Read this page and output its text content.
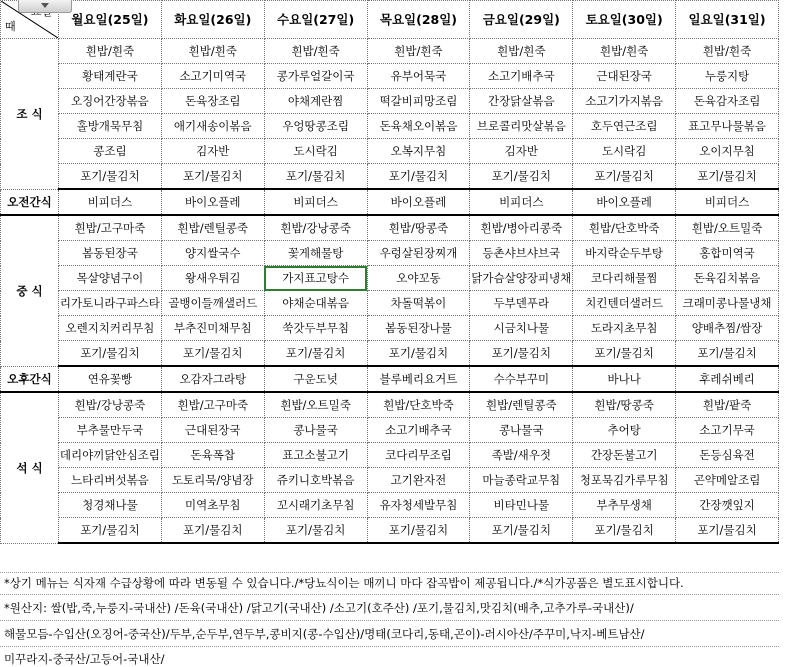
때	월요일(25일)	화요일(26일)	수요일(27일)	목요일(28일)	금요일(29일)	토요일(30일)	일요일(31일)
조 식	흰밥/흰죽	흰밥/흰죽	흰밥/흰죽	흰밥/흰죽	흰밥/흰죽	흰밥/흰죽	흰밥/흰죽
	황태계란국	소고기미역국	콩가루얼갈이국	유부어묵국	소고기배추국	근대된장국	누룽지탕
	오징어간장볶음	돈육장조림	야채계란찜	떡갈비피망조림	간장닭살볶음	소고기가지볶음	돈육감자조림
	홀방개묵무침	애기새송이볶음	우엉땅콩조림	돈육채오이볶음	브로콜리맛살볶음	호두연근조림	표고무나물볶음
	콩조림	김자반	도시락김	오복지무침	김자반	도시락김	오이지무침
	포기/물김치	포기/물김치	포기/물김치	포기/물김치	포기/물김치	포기/물김치	포기/물김치
오전간식	비피더스	바이오플레	비피더스	바이오플레	비피더스	바이오플레	비피더스
중 식	흰밥/고구마죽	흰밥/렌틸콩죽	흰밥/강낭콩죽	흰밥/땅콩죽	흰밥/병아리콩죽	흰밥/단호박죽	흰밥/오트밀죽
	봄동된장국	양지쌀국수	꽃게해물탕	우렁살된장찌개	등촌샤브샤브국	바지락순두부탕	홍합미역국
	목살양념구이	왕새우튀김	가지표고탕수	오야꼬동	닭가슴살양장피냉채	코다리해물찜	돈육김치볶음
	리가토니라구파스타	골뱅이들깨샐러드	야채순대볶음	차돌떡볶이	두부덴푸라	치킨텐더샐러드	크래미콩나물냉채
	오렌지치커리무침	부추진미채무침	쑥갓두부무침	봄동된장나물	시금치나물	도라지초무침	양배추찜/쌈장
	포기/물김치	포기/물김치	포기/물김치	포기/물김치	포기/물김치	포기/물김치	포기/물김치
오후간식	연유꽃빵	오감자그라탕	구운도넛	블루베리요거트	수수부꾸미	바나나	후레쉬베리
석 식	흰밥/강낭콩죽	흰밥/고구마죽	흰밥/오트밀죽	흰밥/단호박죽	흰밥/렌틸콩죽	흰밥/땅콩죽	흰밥/팥죽
	부추물만두국	근대된장국	콩나물국	소고기배추국	콩나물국	추어탕	소고기무국
	데리야끼닭안심조림	돈육폭찹	표고소불고기	코다리무조림	족발/새우젓	간장돈불고기	돈등심육전
	느타리버섯볶음	도토리묵/양념장	쥬키니호박볶음	고기완자전	마늘종락교무침	청포묵김가루무침	곤약메알조림
	청경채나물	미역초무침	꼬시래기초무침	유자청세발무침	비타민나물	부추무생채	간장깻잎지
	포기/물김치	포기/물김치	포기/물김치	포기/물김치	포기/물김치	포기/물김치	포기/물김치
*상기 메뉴는 식자재 수급상황에 따라 변동될 수 있습니다./*당뇨식이는 매끼니 마다 잡곡밥이 제공됩니다./*식가공품은 별도표시합니다.
*원산지: 쌀(밥,죽,누룽지-국내산) /돈육(국내산) /닭고기(국내산) /소고기(호주산) /포기,물김치,맛김치(배추,고추가루-국내산)/
해물모듬-수입산(오징어-중국산)/두부,순두부,연두부,콩비지(콩-수입산)/명태(코다리,동태,곤이)-러시아산/주꾸미,낙지-베트남산/
미꾸라지-중국산/고등어-국내산/
